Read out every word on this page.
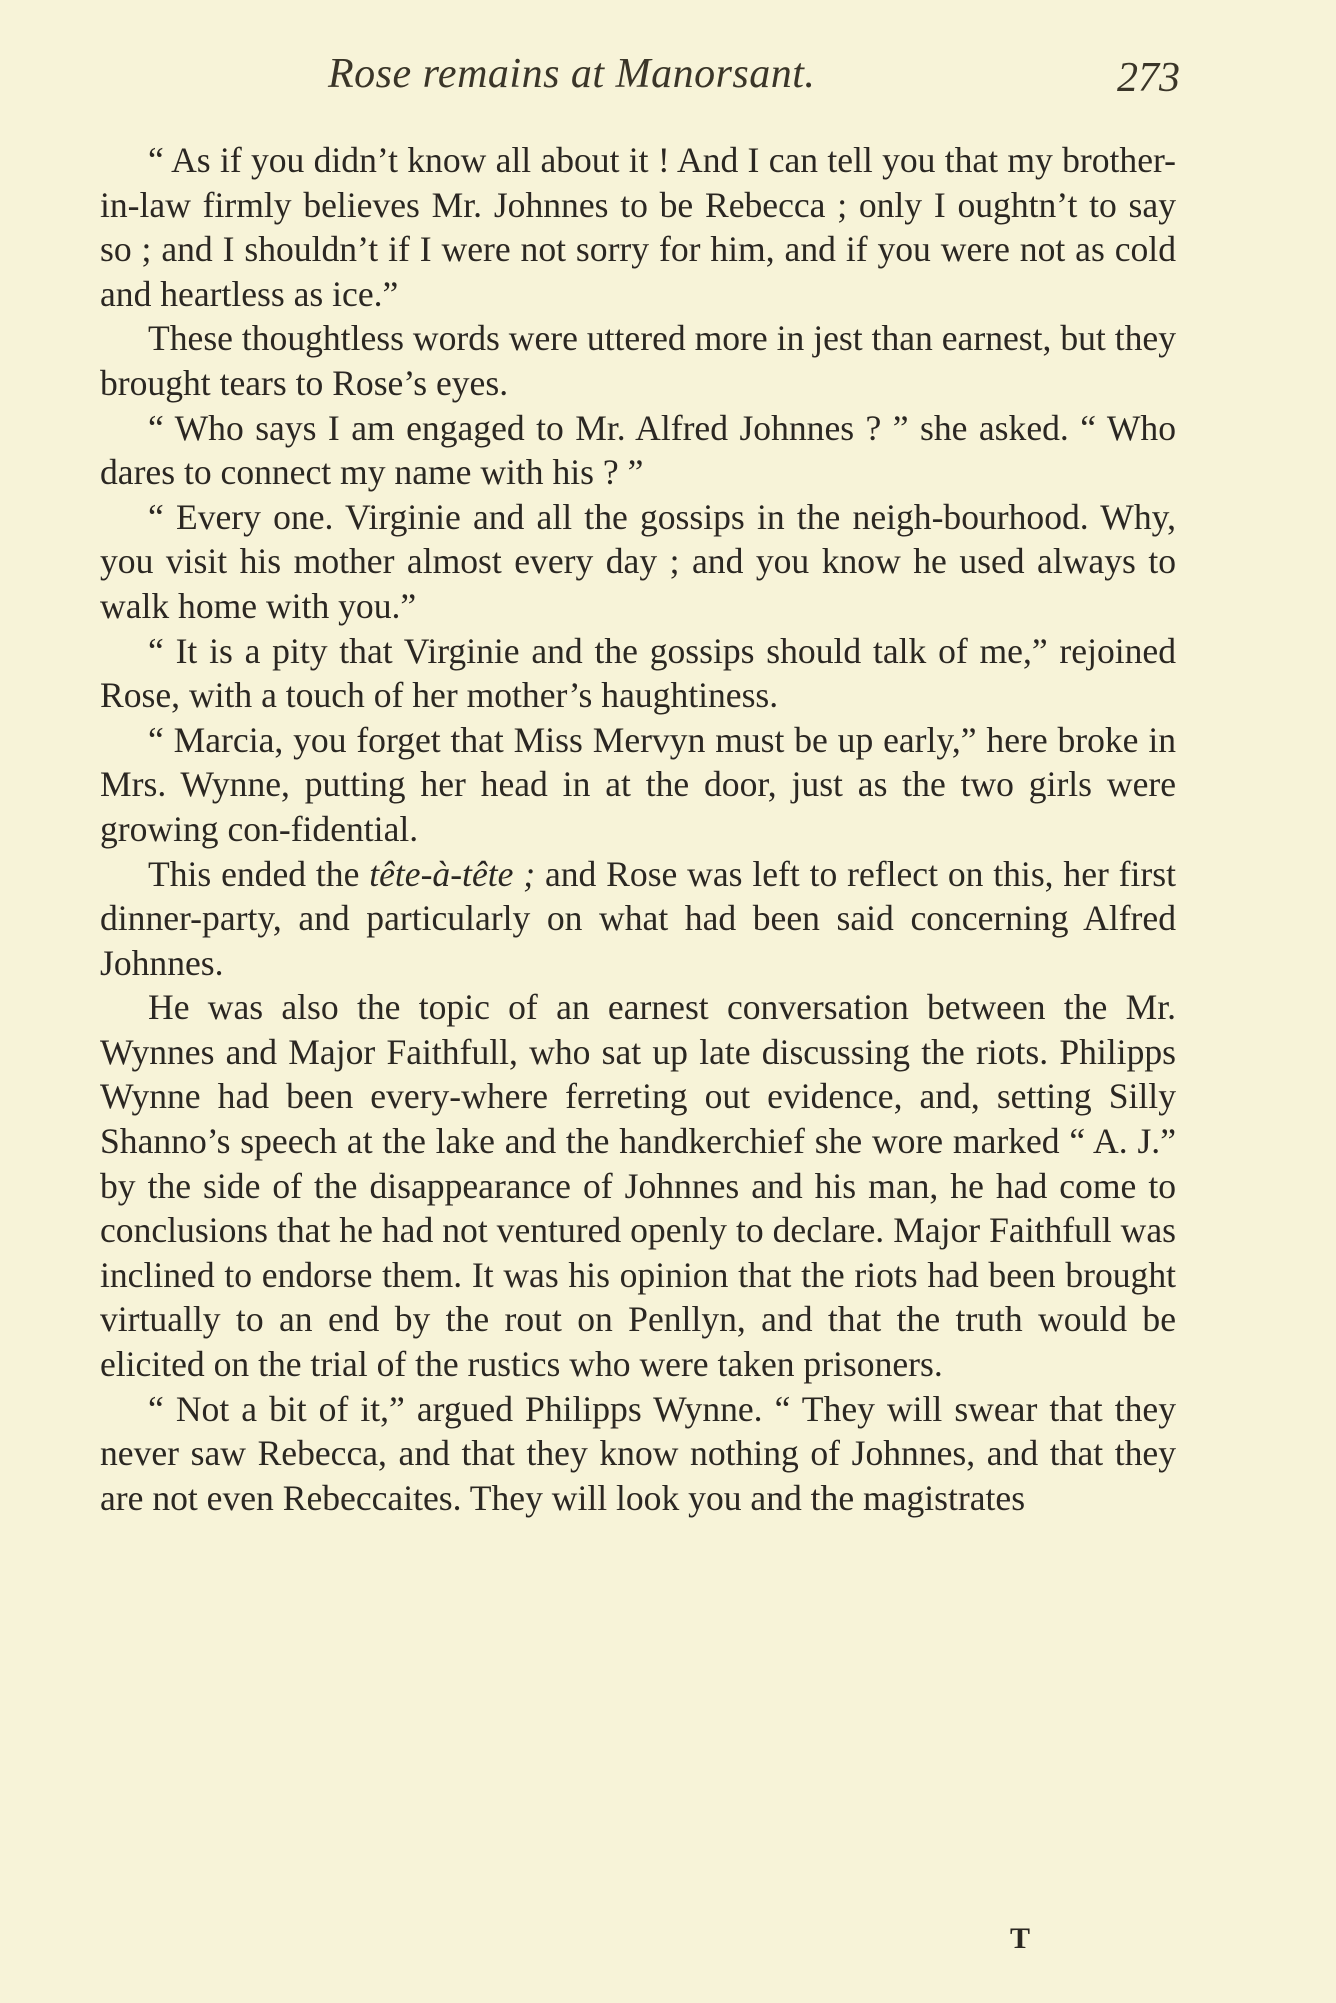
Rose remains at Manorsant.	273

“ As if you didn’t know all about it ! And I can tell you that my brother-in-law firmly believes Mr. Johnnes to be Rebecca ; only I oughtn’t to say so ; and I shouldn’t if I were not sorry for him, and if you were not as cold and heartless as ice.”

These thoughtless words were uttered more in jest than earnest, but they brought tears to Rose’s eyes.

“ Who says I am engaged to Mr. Alfred Johnnes ? ” she asked. “ Who dares to connect my name with his ? ”

“ Every one. Virginie and all the gossips in the neigh-bourhood. Why, you visit his mother almost every day ; and you know he used always to walk home with you.”

“ It is a pity that Virginie and the gossips should talk of me,” rejoined Rose, with a touch of her mother’s haughtiness.

“ Marcia, you forget that Miss Mervyn must be up early,” here broke in Mrs. Wynne, putting her head in at the door, just as the two girls were growing con-fidential.

This ended the tête-à-tête ; and Rose was left to reflect on this, her first dinner-party, and particularly on what had been said concerning Alfred Johnnes.

He was also the topic of an earnest conversation between the Mr. Wynnes and Major Faithfull, who sat up late discussing the riots. Philipps Wynne had been every-where ferreting out evidence, and, setting Silly Shanno’s speech at the lake and the handkerchief she wore marked “ A. J.” by the side of the disappearance of Johnnes and his man, he had come to conclusions that he had not ventured openly to declare. Major Faithfull was inclined to endorse them. It was his opinion that the riots had been brought virtually to an end by the rout on Penllyn, and that the truth would be elicited on the trial of the rustics who were taken prisoners.

“ Not a bit of it,” argued Philipps Wynne. “ They will swear that they never saw Rebecca, and that they know nothing of Johnnes, and that they are not even Rebeccaites. They will look you and the magistrates

T
